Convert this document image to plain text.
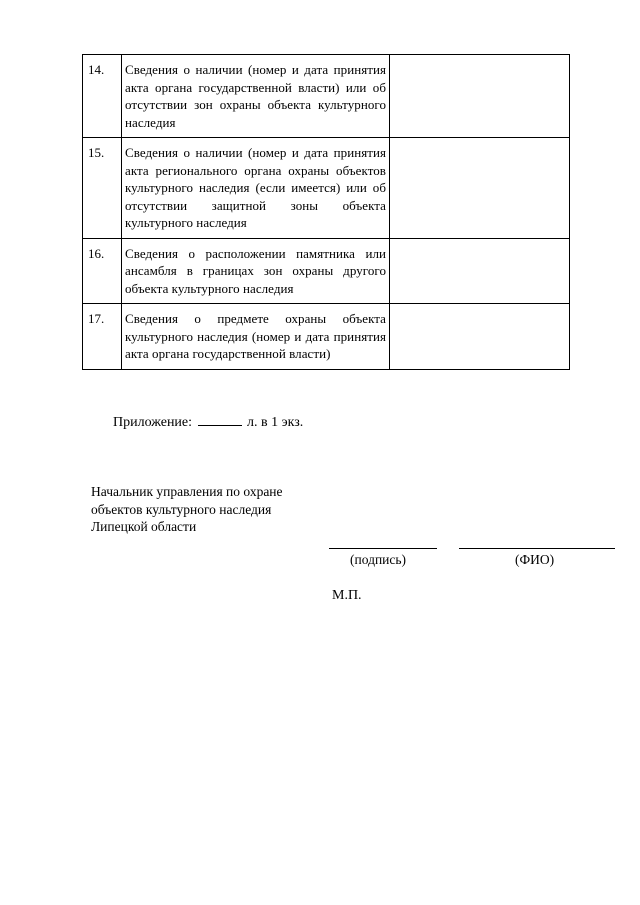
14.	Сведения о наличии (номер и дата принятия акта органа государственной власти) или об отсутствии зон охраны объекта культурного наследия	

15.	Сведения о наличии (номер и дата принятия акта регионального органа охраны объектов культурного наследия (если имеется) или об отсутствии защитной зоны объекта культурного наследия	

16.	Сведения о расположении памятника или ансамбля в границах зон охраны другого объекта культурного наследия	

17.	Сведения о предмете охраны объекта культурного наследия (номер и дата принятия акта органа государственной власти)	

Приложение:	л. в 1 экз.
Начальник управления по охране объектов культурного наследия Липецкой области
(подпись)	(ФИО)
М.П.
